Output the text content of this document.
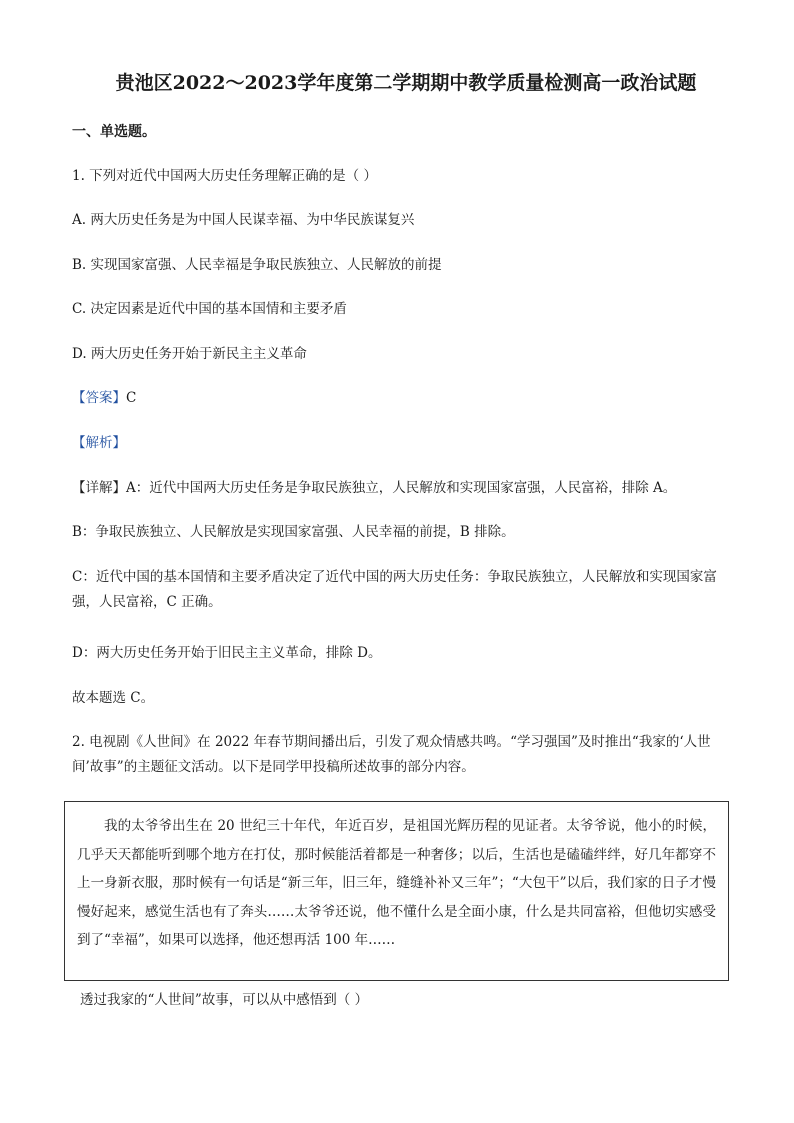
贵池区2022～2023学年度第二学期期中教学质量检测高一政治试题
一、单选题。
1. 下列对近代中国两大历史任务理解正确的是（ ）
A. 两大历史任务是为中国人民谋幸福、为中华民族谋复兴
B. 实现国家富强、人民幸福是争取民族独立、人民解放的前提
C. 决定因素是近代中国的基本国情和主要矛盾
D. 两大历史任务开始于新民主主义革命
【答案】C
【解析】
【详解】A：近代中国两大历史任务是争取民族独立，人民解放和实现国家富强，人民富裕，排除 A。
B：争取民族独立、人民解放是实现国家富强、人民幸福的前提，B 排除。
C：近代中国的基本国情和主要矛盾决定了近代中国的两大历史任务：争取民族独立，人民解放和实现国家富强，人民富裕，C 正确。
D：两大历史任务开始于旧民主主义革命，排除 D。
故本题选 C。
2. 电视剧《人世间》在 2022 年春节期间播出后，引发了观众情感共鸣。“学习强国”及时推出“我家的‘人世间’故事”的主题征文活动。以下是同学甲投稿所述故事的部分内容。
我的太爷爷出生在 20 世纪三十年代，年近百岁，是祖国光辉历程的见证者。太爷爷说，他小的时候，几乎天天都能听到哪个地方在打仗，那时候能活着都是一种奢侈；以后，生活也是磕磕绊绊，好几年都穿不上一身新衣服，那时候有一句话是“新三年，旧三年，缝缝补补又三年”；“大包干”以后，我们家的日子才慢慢好起来，感觉生活也有了奔头……太爷爷还说，他不懂什么是全面小康，什么是共同富裕，但他切实感受到了“幸福”，如果可以选择，他还想再活 100 年……
透过我家的“人世间”故事，可以从中感悟到（ ）
